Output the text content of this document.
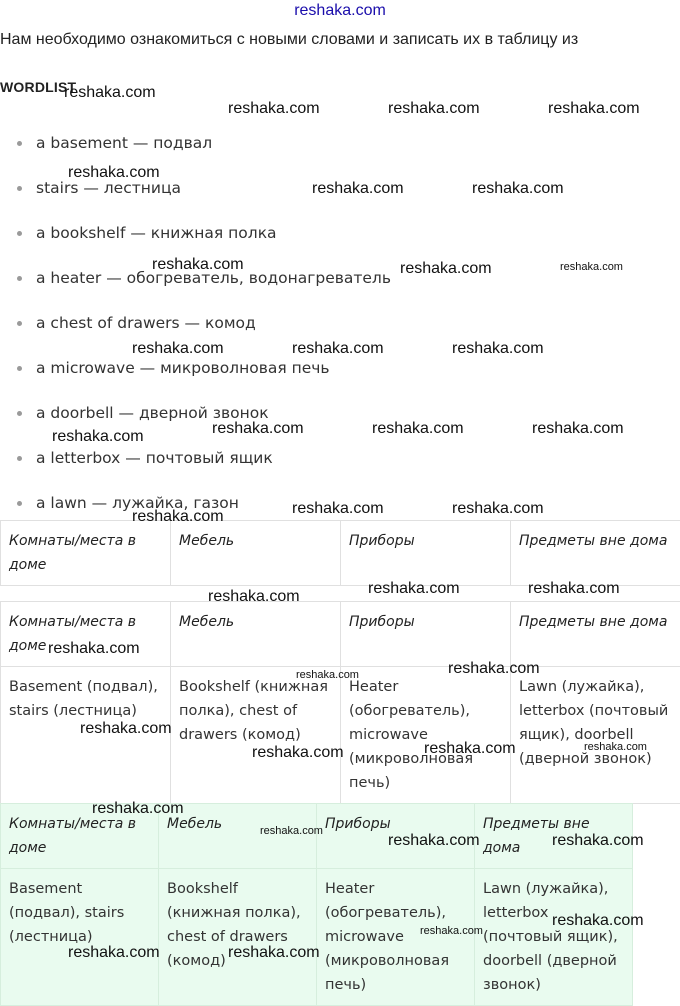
reshaka.com
Нам необходимо ознакомиться с новыми словами и записать их в таблицу из
WORDLIST
a basement — подвал
stairs — лестница
a bookshelf — книжная полка
a heater — обогреватель, водонагреватель
a chest of drawers — комод
a microwave — микроволновая печь
a doorbell — дверной звонок
a letterbox — почтовый ящик
a lawn — лужайка, газон
Комнаты/места в доме	Мебель	Приборы	Предметы вне дома
Комнаты/места в доме	Мебель	Приборы	Предметы вне дома
Basement (подвал), stairs (лестница)	Bookshelf (книжная полка), chest of drawers (комод)	Heater (обогреватель), microwave (микроволновая печь)	Lawn (лужайка), letterbox (почтовый ящик), doorbell (дверной звонок)
Комнаты/места в доме	Мебель	Приборы	Предметы вне дома
Basement (подвал), stairs (лестница)	Bookshelf (книжная полка), chest of drawers (комод)	Heater (обогреватель), microwave (микроволновая печь)	Lawn (лужайка), letterbox (почтовый ящик), doorbell (дверной звонок)
reshaka.com
reshaka.com	reshaka.com	reshaka.com
reshaka.com
reshaka.com	reshaka.com
reshaka.com	reshaka.com	reshaka.com
reshaka.com	reshaka.com	reshaka.com
reshaka.com	reshaka.com	reshaka.com	reshaka.com
reshaka.com	reshaka.com	reshaka.com
reshaka.com	reshaka.com	reshaka.com
reshaka.com
reshaka.com	reshaka.com
reshaka.com
reshaka.com	reshaka.com	reshaka.com
reshaka.com
reshaka.com
reshaka.com	reshaka.com
reshaka.com
reshaka.com
reshaka.com	reshaka.com
